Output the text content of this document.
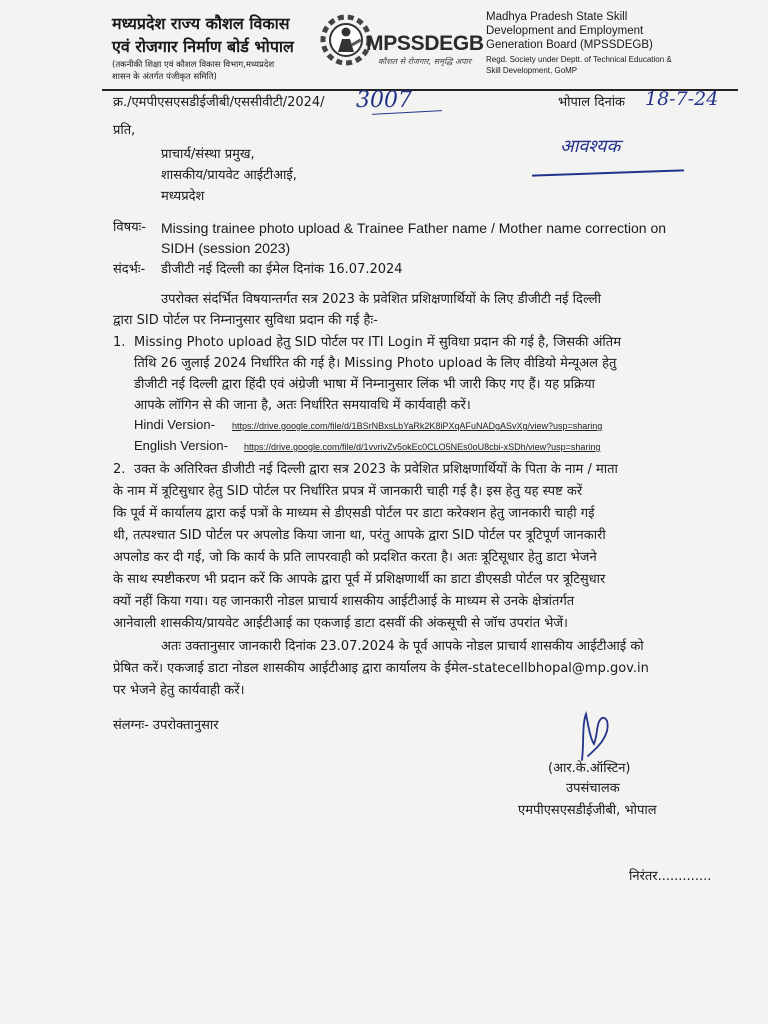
मध्यप्रदेश राज्य कौशल विकास
एवं रोजगार निर्माण बोर्ड भोपाल
(तकनीकी शिक्षा एवं कौशल विकास विभाग,मध्यप्रदेश
शासन के अंतर्गत पंजीकृत समिति)
MPSSDEGB
कौशल से रोजगार, समृद्धि अपार
Madhya Pradesh State Skill
Development and Employment
Generation Board (MPSSDEGB)
Regd. Society under Deptt. of Technical Education &
Skill Development, GoMP
क्र./एमपीएसएसडीईजीबी/एससीवीटी/2024/ 3007	भोपाल दिनांक 18-7-24
प्रति,
प्राचार्य/संस्था प्रमुख,
शासकीय/प्रायवेट आईटीआई,
मध्यप्रदेश
आवश्यक
विषयः- Missing trainee photo upload & Trainee Father name / Mother name correction on
SIDH (session 2023)
संदर्भः- डीजीटी नई दिल्ली का ईमेल दिनांक 16.07.2024
उपरोक्त संदर्भित विषयान्तर्गत सत्र 2023 के प्रवेशित प्रशिक्षणार्थियों के लिए डीजीटी नई दिल्ली
द्वारा SID पोर्टल पर निम्नानुसार सुविधा प्रदान की गई हैः-
1. Missing Photo upload हेतु SID पोर्टल पर ITI Login में सुविधा प्रदान की गई है, जिसकी अंतिम
तिथि 26 जुलाई 2024 निर्धारित की गई है। Missing Photo upload के लिए वीडियो मेन्यूअल हेतु
डीजीटी नई दिल्ली द्वारा हिंदी एवं अंग्रेजी भाषा में निम्नानुसार लिंक भी जारी किए गए हैं। यह प्रक्रिया
आपके लॉगिन से की जाना है, अतः निर्धारित समयावधि में कार्यवाही करें।
Hindi Version- https://drive.google.com/file/d/1BSrNBxsLbYaRk2K8iPXqAFuNADgASvXg/view?usp=sharing
English Version- https://drive.google.com/file/d/1vvrivZv5okEc0CLO5NEs0oU8cbi-xSDh/view?usp=sharing
2. उक्त के अतिरिक्त डीजीटी नई दिल्ली द्वारा सत्र 2023 के प्रवेशित प्रशिक्षणार्थियों के पिता के नाम / माता
के नाम में त्रूटिसुधार हेतु SID पोर्टल पर निर्धारित प्रपत्र में जानकारी चाही गई है। इस हेतु यह स्पष्ट करें
कि पूर्व में कार्यालय द्वारा कई पत्रों के माध्यम से डीएसडी पोर्टल पर डाटा करेक्शन हेतु जानकारी चाही गई
थी, तत्पश्चात SID पोर्टल पर अपलोड किया जाना था, परंतु आपके द्वारा SID पोर्टल पर त्रूटिपूर्ण जानकारी
अपलोड कर दी गई, जो कि कार्य के प्रति लापरवाही को प्रदशित करता है। अतः त्रूटिसूधार हेतु डाटा भेजने
के साथ स्पष्टीकरण भी प्रदान करें कि आपके द्वारा पूर्व में प्रशिक्षणार्थी का डाटा डीएसडी पोर्टल पर त्रूटिसुधार
क्यों नहीं किया गया। यह जानकारी नोडल प्राचार्य शासकीय आईटीआई के माध्यम से उनके क्षेत्रांतर्गत
आनेवाली शासकीय/प्रायवेट आईटीआई का एकजाई डाटा दसवीं की अंकसूची से जॉच उपरांत भेजें।
अतः उक्तानुसार जानकारी दिनांक 23.07.2024 के पूर्व आपके नोडल प्राचार्य शासकीय आईटीआई को
प्रेषित करें। एकजाई डाटा नोडल शासकीय आईटीआइ द्वारा कार्यालय के ईमेल-statecellbhopal@mp.gov.in
पर भेजने हेतु कार्यवाही करें।
संलग्नः- उपरोक्तानुसार
(आर.के.ऑस्टिन)
उपसंचालक
एमपीएसएसडीईजीबी, भोपाल
निरंतर.............
